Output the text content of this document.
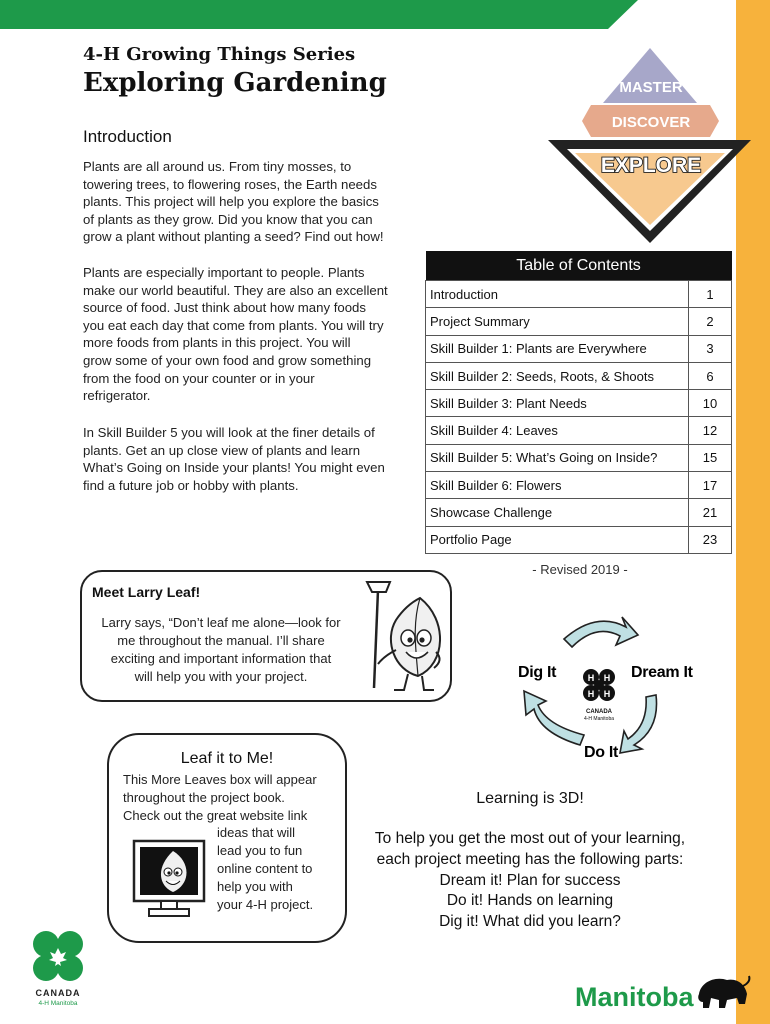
4-H Growing Things Series
Exploring Gardening	MASTER
DISCOVER
EXPLORE
Introduction
Plants are all around us. From tiny mosses, to
towering trees, to flowering roses, the Earth needs
plants. This project will help you explore the basics
of plants as they grow. Did you know that you can
grow a plant without planting a seed? Find out how!
Plants are especially important to people. Plants
make our world beautiful. They are also an excellent
source of food. Just think about how many foods
you eat each day that come from plants. You will try
more foods from plants in this project. You will
grow some of your own food and grow something
from the food on your counter or in your
refrigerator.
In Skill Builder 5 you will look at the finer details of
plants. Get an up close view of plants and learn
What’s Going on Inside your plants! You might even
find a future job or hobby with plants.
Table of Contents	
Introduction	1
Project Summary	2
Skill Builder 1: Plants are Everywhere	3
Skill Builder 2: Seeds, Roots, & Shoots	6
Skill Builder 3: Plant Needs	10
Skill Builder 4: Leaves	12
Skill Builder 5: What’s Going on Inside?	15
Skill Builder 6: Flowers	17
Showcase Challenge	21
Portfolio Page	23
- Revised 2019 -
Meet Larry Leaf!
Larry says, “Don’t leaf me alone—look for
me throughout the manual. I’ll share
exciting and important information that
will help you with your project.	Dig It	Dream It
Do It
H H
H H
CANADA
4-H Manitoba
Leaf it to Me!
This More Leaves box will appear
throughout the project book.
Check out the great website link
ideas that will
lead you to fun
online content to
help you with
your 4-H project.
Learning is 3D!
To help you get the most out of your learning,
each project meeting has the following parts:
Dream it! Plan for success
Do it! Hands on learning
Dig it! What did you learn?
CANADA
4-H Manitoba	Manitoba
